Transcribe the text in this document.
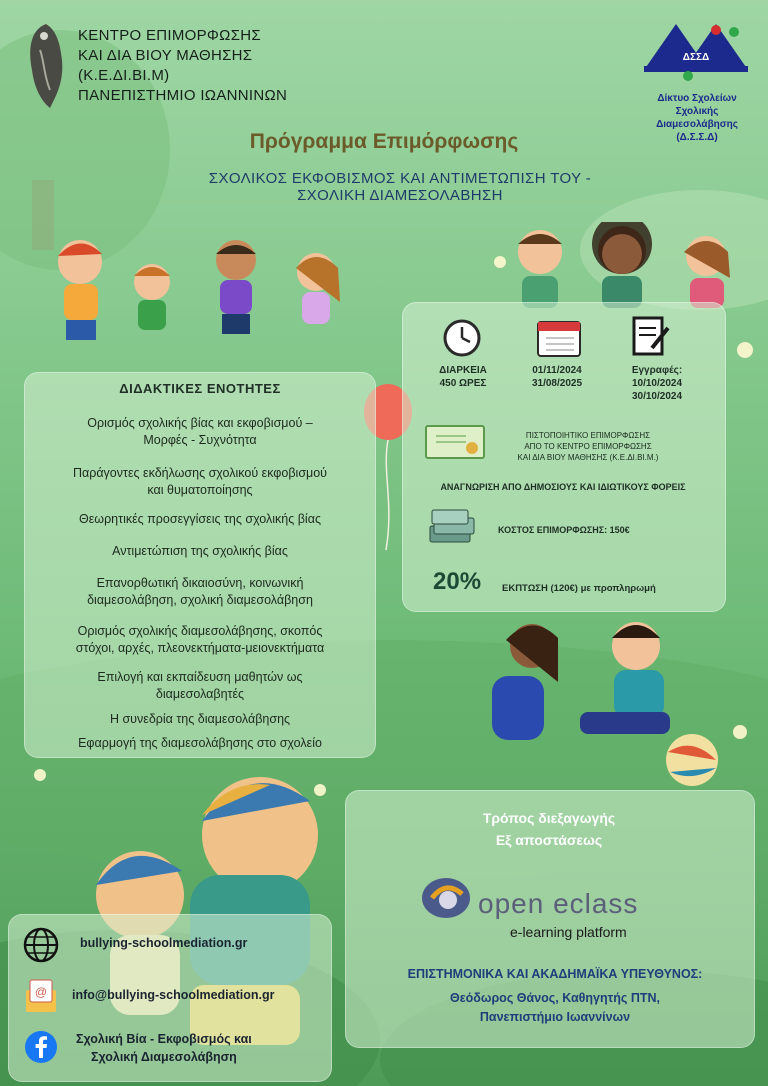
ΚΕΝΤΡΟ ΕΠΙΜΟΡΦΩΣΗΣ
ΚΑΙ ΔΙΑ ΒΙΟΥ ΜΑΘΗΣΗΣ
(Κ.Ε.ΔΙ.ΒΙ.Μ)
ΠΑΝΕΠΙΣΤΗΜΙΟ ΙΩΑΝΝΙΝΩΝ
ΔΣΣΔ
Δίκτυο Σχολείων
Σχολικής Διαμεσολάβησης
(Δ.Σ.Σ.Δ)
Πρόγραμμα Επιμόρφωσης
ΣΧΟΛΙΚΟΣ ΕΚΦΟΒΙΣΜΟΣ ΚΑΙ ΑΝΤΙΜΕΤΩΠΙΣΗ ΤΟΥ -
ΣΧΟΛΙΚΗ ΔΙΑΜΕΣΟΛΑΒΗΣΗ
ΔΙΑΡΚΕΙΑ
450 ΩΡΕΣ
01/11/2024
31/08/2025
Εγγραφές:
10/10/2024
30/10/2024
ΠΙΣΤΟΠΟΙΗΤΙΚΟ ΕΠΙΜΟΡΦΩΣΗΣ
ΑΠΟ ΤΟ ΚΕΝΤΡΟ ΕΠΙΜΟΡΦΩΣΗΣ
ΚΑΙ ΔΙΑ ΒΙΟΥ ΜΑΘΗΣΗΣ (Κ.Ε.ΔΙ.ΒΙ.Μ.)
ΑΝΑΓΝΩΡΙΣΗ ΑΠΟ ΔΗΜΟΣΙΟΥΣ ΚΑΙ ΙΔΙΩΤΙΚΟΥΣ ΦΟΡΕΙΣ
ΚΟΣΤΟΣ ΕΠΙΜΟΡΦΩΣΗΣ: 150€
20% ΕΚΠΤΩΣΗ (120€) με προπληρωμή
ΔΙΔΑΚΤΙΚΕΣ ΕΝΟΤΗΤΕΣ
Ορισμός σχολικής βίας και εκφοβισμού –
Μορφές - Συχνότητα
Παράγοντες εκδήλωσης σχολικού εκφοβισμού
και θυματοποίησης
Θεωρητικές προσεγγίσεις της σχολικής βίας
Αντιμετώπιση της σχολικής βίας
Επανορθωτική δικαιοσύνη, κοινωνική
διαμεσολάβηση, σχολική διαμεσολάβηση
Ορισμός σχολικής διαμεσολάβησης, σκοπός
στόχοι, αρχές, πλεονεκτήματα-μειονεκτήματα
Επιλογή και εκπαίδευση μαθητών ως
διαμεσολαβητές
Η συνεδρία της διαμεσολάβησης
Εφαρμογή της διαμεσολάβησης στο σχολείο
Τρόπος διεξαγωγής
Εξ αποστάσεως
open eclass
e-learning platform
ΕΠΙΣΤΗΜΟΝΙΚΑ ΚΑΙ ΑΚΑΔΗΜΑΪΚΑ ΥΠΕΥΘΥΝΟΣ:
Θεόδωρος Θάνος, Καθηγητής ΠΤΝ,
Πανεπιστήμιο Ιωαννίνων
bullying-schoolmediation.gr
@ info@bullying-schoolmediation.gr
Σχολική Βία - Εκφοβισμός και
Σχολική Διαμεσολάβηση
